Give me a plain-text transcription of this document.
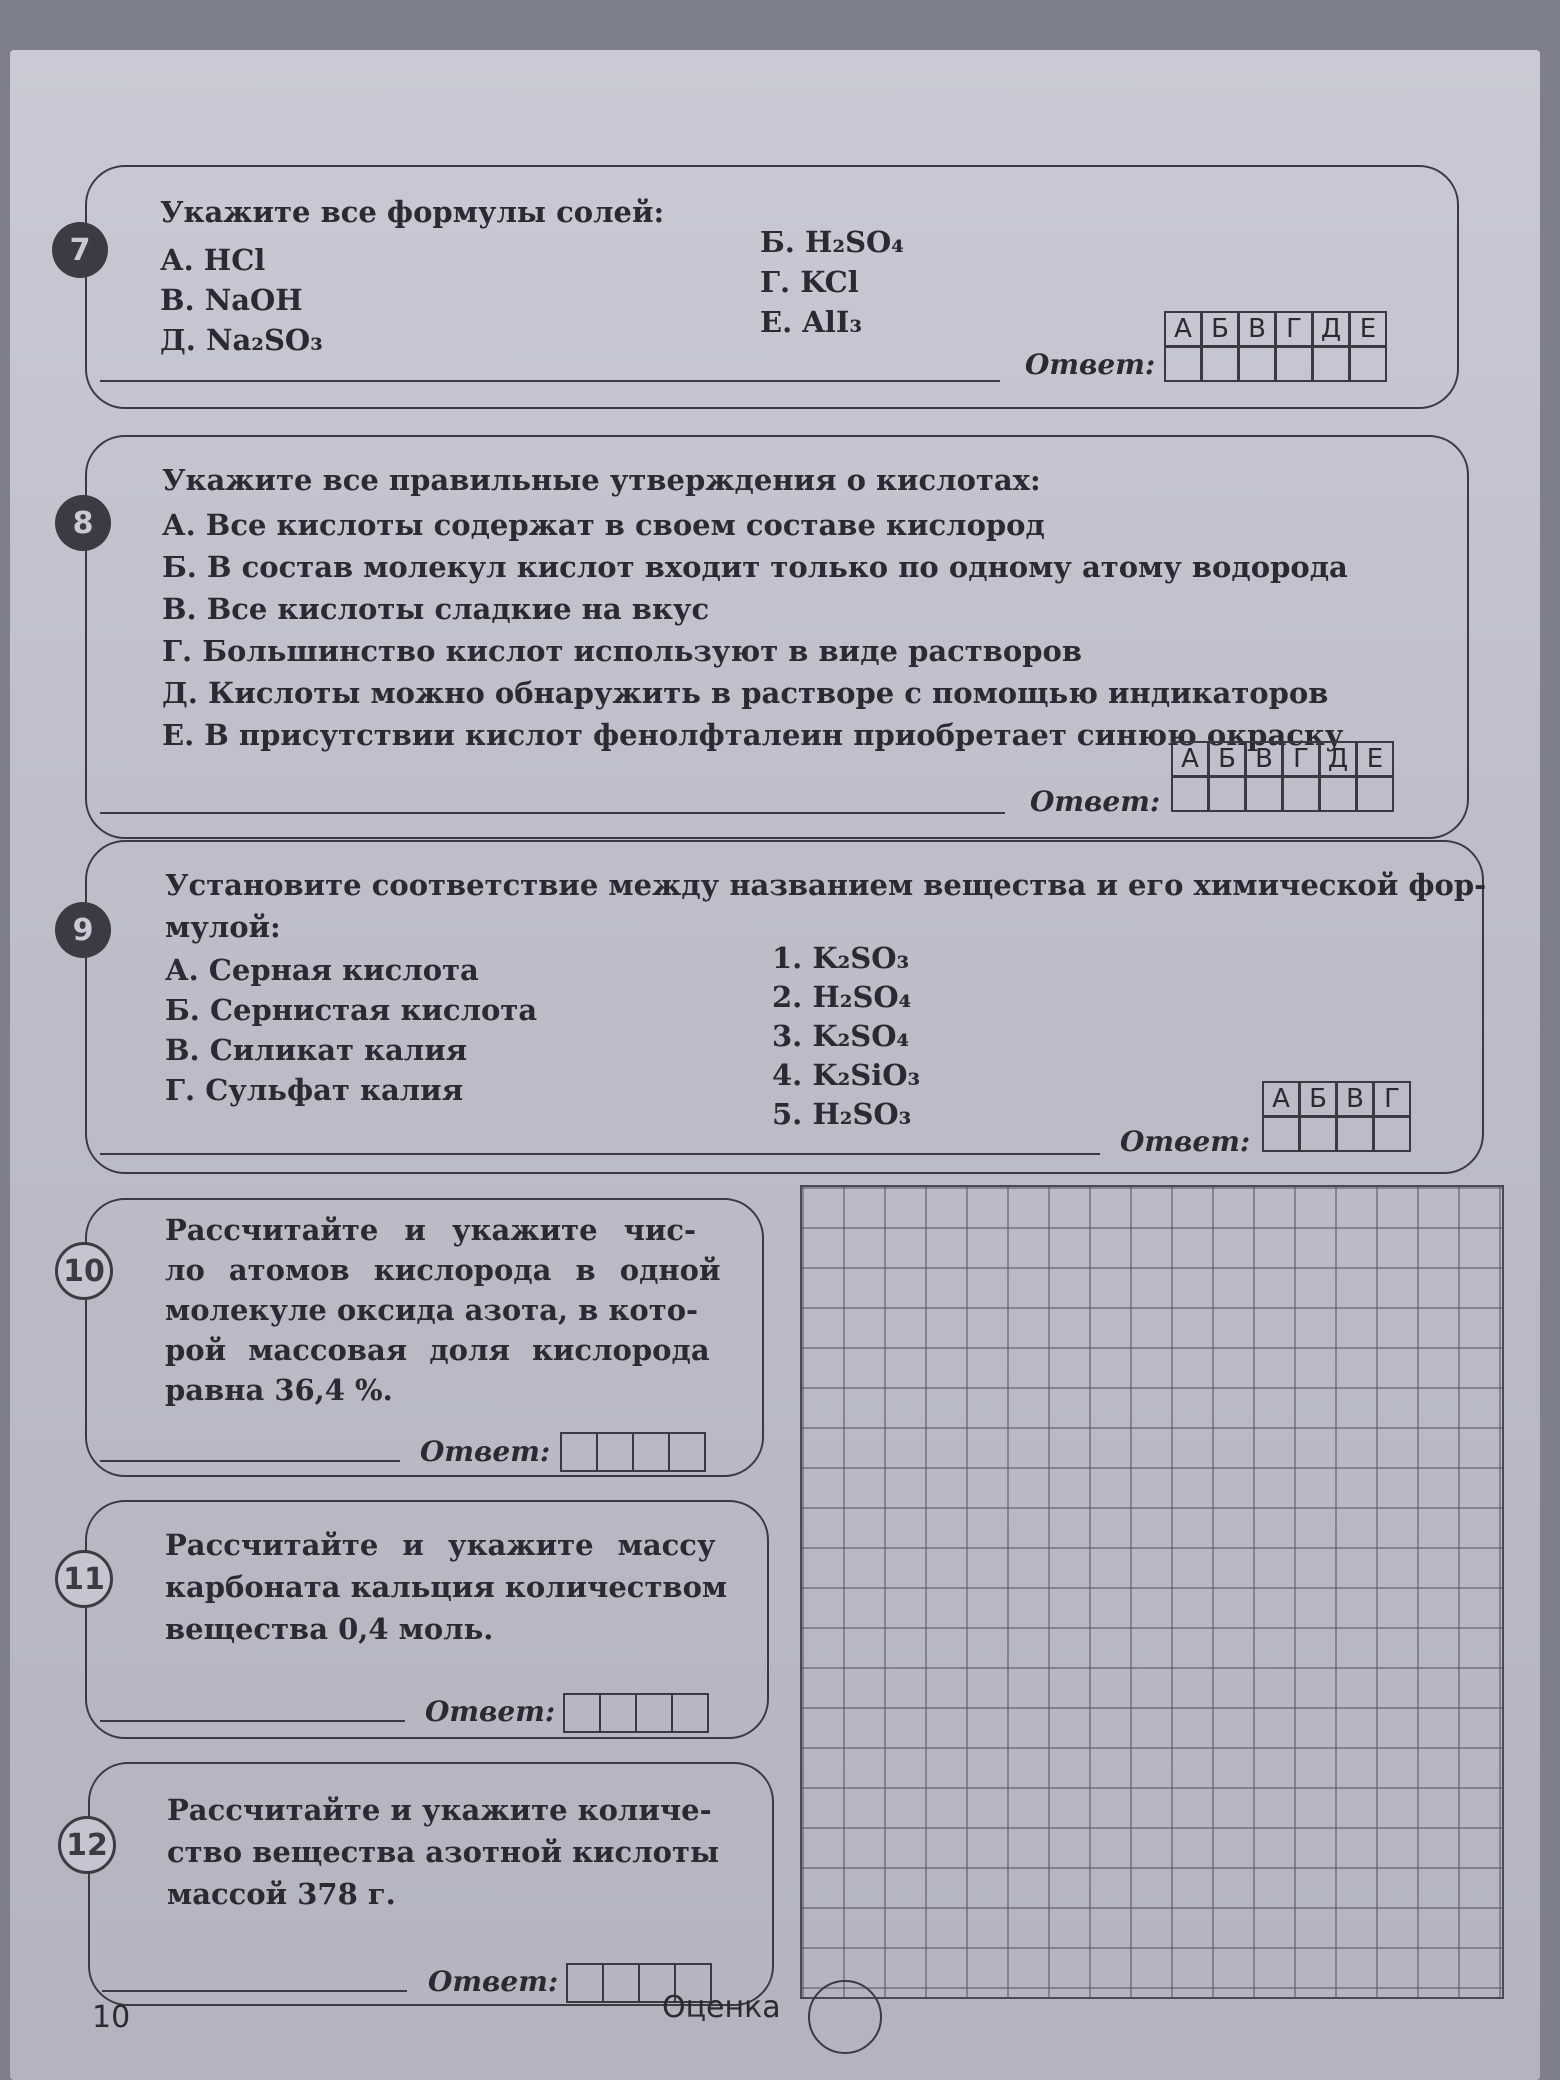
7
Укажите все формулы солей:
А. HCl
В. NaOH
Д. Na₂SO₃
Б. H₂SO₄
Г. KCl
Е. AlI₃
Ответ:
А Б В Г Д Е
8
Укажите все правильные утверждения о кислотах:
А. Все кислоты содержат в своем составе кислород
Б. В состав молекул кислот входит только по одному атому водорода
В. Все кислоты сладкие на вкус
Г. Большинство кислот используют в виде растворов
Д. Кислоты можно обнаружить в растворе с помощью индикаторов
Е. В присутствии кислот фенолфталеин приобретает синюю окраску
Ответ:
А Б В Г Д Е
9
Установите соответствие между названием вещества и его химической фор-
мулой:
А. Серная кислота
Б. Сернистая кислота
В. Силикат калия
Г. Сульфат калия
1. K₂SO₃
2. H₂SO₄
3. K₂SO₄
4. K₂SiO₃
5. H₂SO₃
Ответ:
А Б В Г
10
Рассчитайте и укажите чис-
ло атомов кислорода в одной
молекуле оксида азота, в кото-
рой массовая доля кислорода
равна 36,4 %.
Ответ:
11
Рассчитайте и укажите массу
карбоната кальция количеством
вещества 0,4 моль.
Ответ:
12
Рассчитайте и укажите количе-
ство вещества азотной кислоты
массой 378 г.
Ответ:
10	Оценка
